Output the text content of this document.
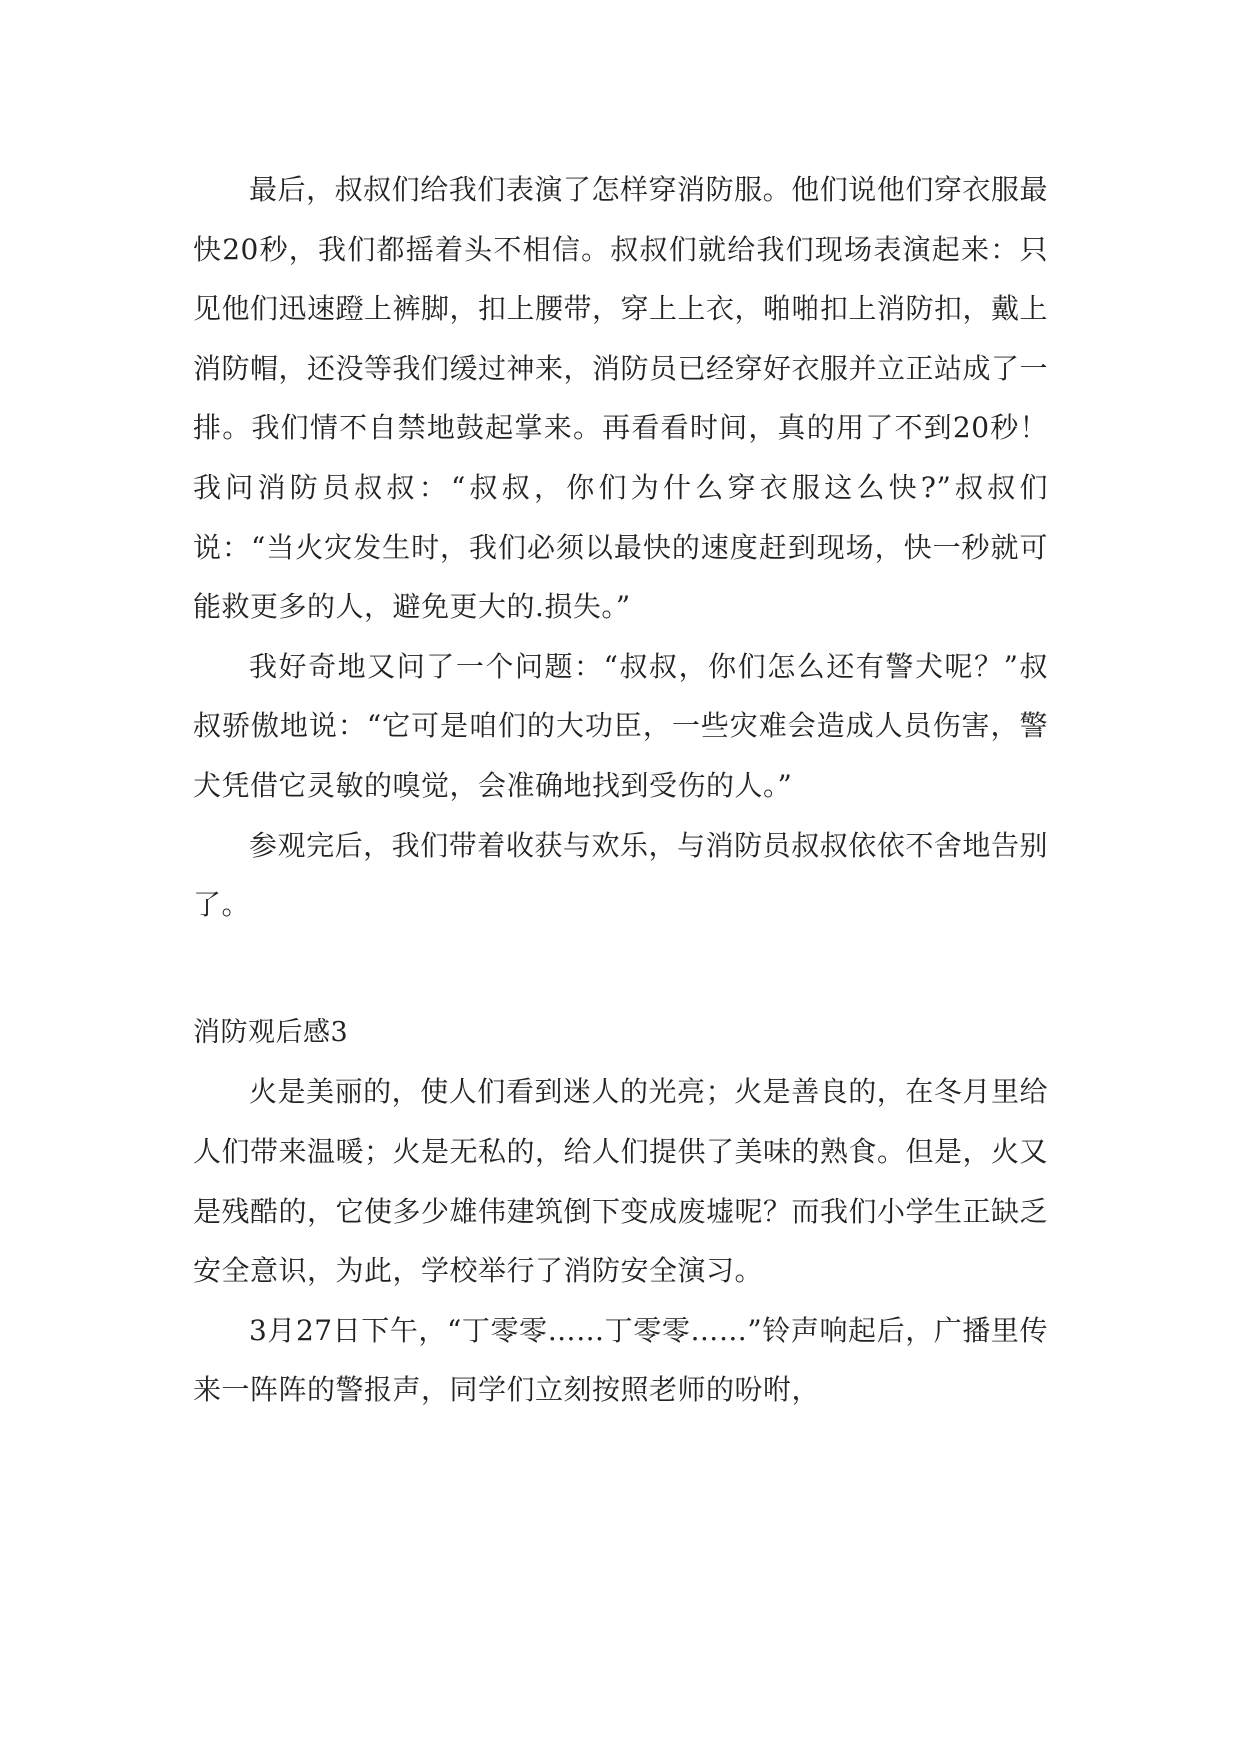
最后，叔叔们给我们表演了怎样穿消防服。他们说他们穿衣服最快20秒，我们都摇着头不相信。叔叔们就给我们现场表演起来：只见他们迅速蹬上裤脚，扣上腰带，穿上上衣，啪啪扣上消防扣，戴上消防帽，还没等我们缓过神来，消防员已经穿好衣服并立正站成了一排。我们情不自禁地鼓起掌来。再看看时间，真的用了不到20秒！我问消防员叔叔：“叔叔，你们为什么穿衣服这么快?”叔叔们说：“当火灾发生时，我们必须以最快的速度赶到现场，快一秒就可能救更多的人，避免更大的.损失。”

我好奇地又问了一个问题：“叔叔，你们怎么还有警犬呢？”叔叔骄傲地说：“它可是咱们的大功臣，一些灾难会造成人员伤害，警犬凭借它灵敏的嗅觉，会准确地找到受伤的人。”

参观完后，我们带着收获与欢乐，与消防员叔叔依依不舍地告别了。

消防观后感3

火是美丽的，使人们看到迷人的光亮；火是善良的，在冬月里给人们带来温暖；火是无私的，给人们提供了美味的熟食。但是，火又是残酷的，它使多少雄伟建筑倒下变成废墟呢？而我们小学生正缺乏安全意识，为此，学校举行了消防安全演习。

3月27日下午，“丁零零……丁零零……”铃声响起后，广播里传来一阵阵的警报声，同学们立刻按照老师的吩咐，
